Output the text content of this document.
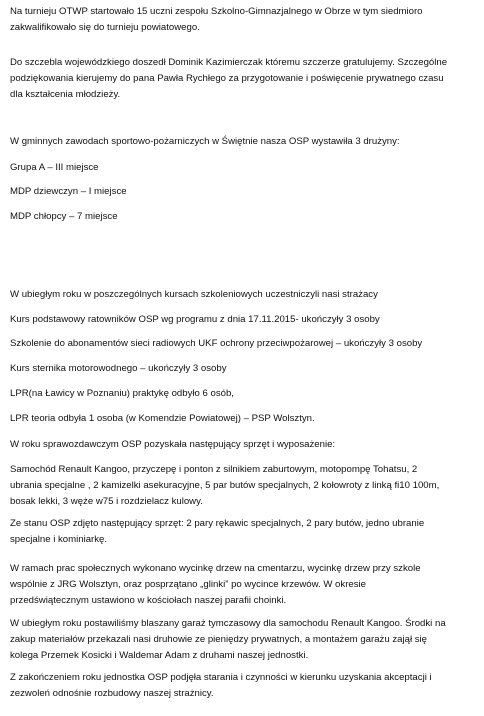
Na turnieju OTWP startowało 15 uczni zespołu Szkolno-Gimnazjalnego w Obrze w tym siedmioro
zakwalifikowało się do turnieju powiatowego.
Do szczebla wojewódzkiego doszedł Dominik Kazimierczak któremu szczerze gratulujemy. Szczególne
podziękowania kierujemy do pana Pawła Rychłego za przygotowanie i poświęcenie prywatnego czasu
dla kształcenia młodzieży.
W gminnych zawodach sportowo-pożarniczych w Świętnie nasza OSP wystawiła 3 drużyny:
Grupa A – III miejsce
MDP dziewczyn – I miejsce
MDP chłopcy – 7 miejsce
W ubiegłym roku w poszczególnych kursach szkoleniowych uczestniczyli nasi strażacy
Kurs podstawowy ratowników OSP wg programu z dnia 17.11.2015- ukończyły 3 osoby
Szkolenie do abonamentów sieci radiowych UKF ochrony przeciwpożarowej – ukończyły 3 osoby
Kurs sternika motorowodnego – ukończyły 3 osoby
LPR(na Ławicy w Poznaniu) praktykę odbyło 6 osób,
LPR teoria odbyła 1 osoba (w Komendzie Powiatowej) – PSP Wolsztyn.
W roku sprawozdawczym OSP pozyskała następujący sprzęt i wyposażenie:
Samochód Renault Kangoo, przyczepę i ponton z silnikiem zaburtowym, motopompę Tohatsu, 2
ubrania specjalne , 2 kamizelki asekuracyjne, 5 par butów specjalnych, 2 kołowroty z linką fi10 100m,
bosak lekki, 3 węże w75 i rozdzielacz kulowy.
Ze stanu OSP zdjęto następujący sprzęt: 2 pary rękawic specjalnych, 2 pary butów, jedno ubranie
specjalne i kominiarkę.
W ramach prac społecznych wykonano wycinkę drzew na cmentarzu, wycinkę drzew przy szkole
wspólnie z JRG Wolsztyn, oraz posprzątano „glinki” po wycince krzewów. W okresie
przedświątecznym ustawiono w kościołach naszej parafii choinki.
W ubiegłym roku postawiliśmy blaszany garaż tymczasowy dla samochodu Renault Kangoo. Środki na
zakup materiałów przekazali nasi druhowie ze pieniędzy prywatnych, a montażem garażu zajął się
kolega Przemek Kosicki i Waldemar Adam z druhami naszej jednostki.
Z zakończeniem roku jednostka OSP podjęła starania i czynności w kierunku uzyskania akceptacji i
zezwoleń odnośnie rozbudowy naszej strażnicy.
